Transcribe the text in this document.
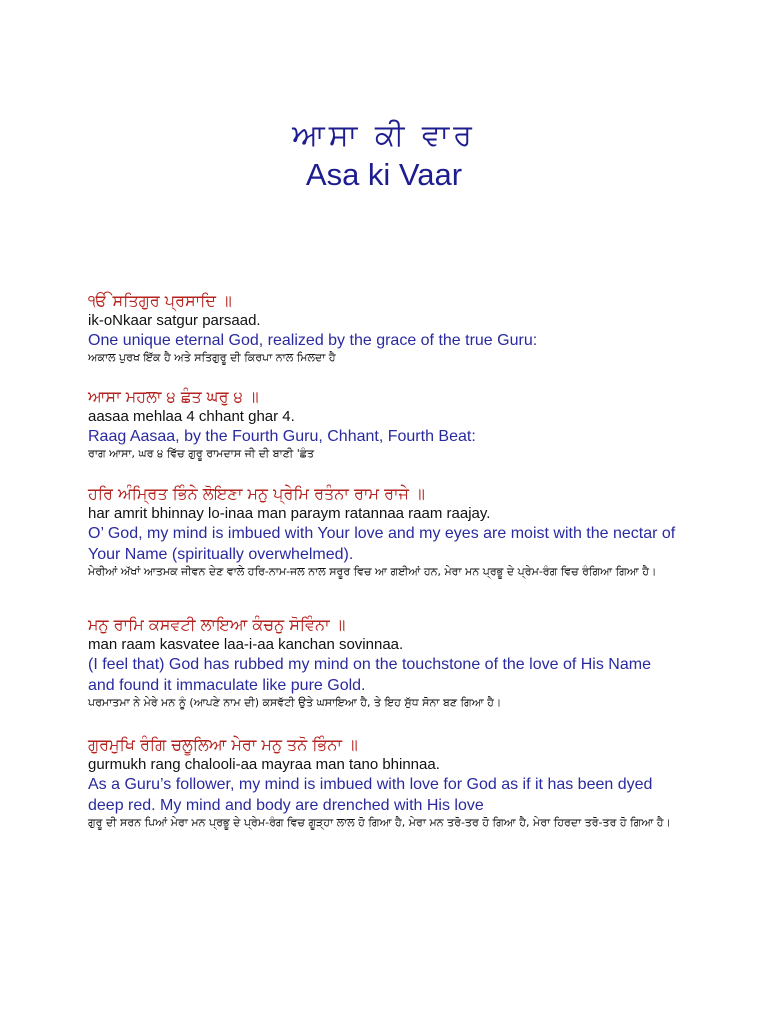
ਆਸਾ ਕੀ ਵਾਰ
Asa ki Vaar
ੴ ਸਤਿਗੁਰ ਪ੍ਰਸਾਦਿ ॥
ik-oNkaar satgur parsaad.
One unique eternal God, realized by the grace of the true Guru:
ਅਕਾਲ ਪੁਰਖ ਇੱਕ ਹੈ ਅਤੇ ਸਤਿਗੁਰੂ ਦੀ ਕਿਰਪਾ ਨਾਲ ਮਿਲਦਾ ਹੈ
ਆਸਾ ਮਹਲਾ ੪ ਛੰਤ ਘਰੁ ੪ ॥
aasaa mehlaa 4 chhant ghar 4.
Raag Aasaa, by the Fourth Guru, Chhant, Fourth Beat:
ਰਾਗ ਆਸਾ, ਘਰ ੪ ਵਿੱਚ ਗੁਰੂ ਰਾਮਦਾਸ ਜੀ ਦੀ ਬਾਣੀ 'ਛੰਤ
ਹਰਿ ਅੰਮ੍ਰਿਤ ਭਿੰਨੇ ਲੋਇਣਾ ਮਨੁ ਪ੍ਰੇਮਿ ਰਤੰਨਾ ਰਾਮ ਰਾਜੇ ॥
har amrit bhinnay lo-inaa man paraym ratannaa raam raajay.
O’ God, my mind is imbued with Your love and my eyes are moist with the nectar of Your Name (spiritually overwhelmed).
ਮੇਰੀਆਂ ਅੱਖਾਂ ਆਤਮਕ ਜੀਵਨ ਦੇਣ ਵਾਲੇ ਹਰਿ-ਨਾਮ-ਜਲ ਨਾਲ ਸਰੂਰ ਵਿਚ ਆ ਗਈਆਂ ਹਨ, ਮੇਰਾ ਮਨ ਪ੍ਰਭੂ ਦੇ ਪ੍ਰੇਮ-ਰੰਗ ਵਿਚ ਰੰਗਿਆ ਗਿਆ ਹੈ।
ਮਨੁ ਰਾਮਿ ਕਸਵਟੀ ਲਾਇਆ ਕੰਚਨੁ ਸੋਵਿੰਨਾ ॥
man raam kasvatee laa-i-aa kanchan sovinnaa.
(I feel that) God has rubbed my mind on the touchstone of the love of His Name and found it immaculate like pure Gold.
ਪਰਮਾਤਮਾ ਨੇ ਮੇਰੇ ਮਨ ਨੂੰ (ਆਪਣੇ ਨਾਮ ਦੀ) ਕਸਵੱਟੀ ਉਤੇ ਘਸਾਇਆ ਹੈ, ਤੇ ਇਹ ਸੁੱਧ ਸੋਨਾ ਬਣ ਗਿਆ ਹੈ।
ਗੁਰਮੁਖਿ ਰੰਗਿ ਚਲੂਲਿਆ ਮੇਰਾ ਮਨੁ ਤਨੋ ਭਿੰਨਾ ॥
gurmukh rang chalooli-aa mayraa man tano bhinnaa.
As a Guru’s follower, my mind is imbued with love for God as if it has been dyed deep red. My mind and body are drenched with His love
ਗੁਰੂ ਦੀ ਸਰਨ ਪਿਆਂ ਮੇਰਾ ਮਨ ਪ੍ਰਭੂ ਦੇ ਪ੍ਰੇਮ-ਰੰਗ ਵਿਚ ਗੂੜ੍ਹਾ ਲਾਲ ਹੋ ਗਿਆ ਹੈ, ਮੇਰਾ ਮਨ ਤਰੋ-ਤਰ ਹੋ ਗਿਆ ਹੈ, ਮੇਰਾ ਹਿਰਦਾ ਤਰੋ-ਤਰ ਹੋ ਗਿਆ ਹੈ।
